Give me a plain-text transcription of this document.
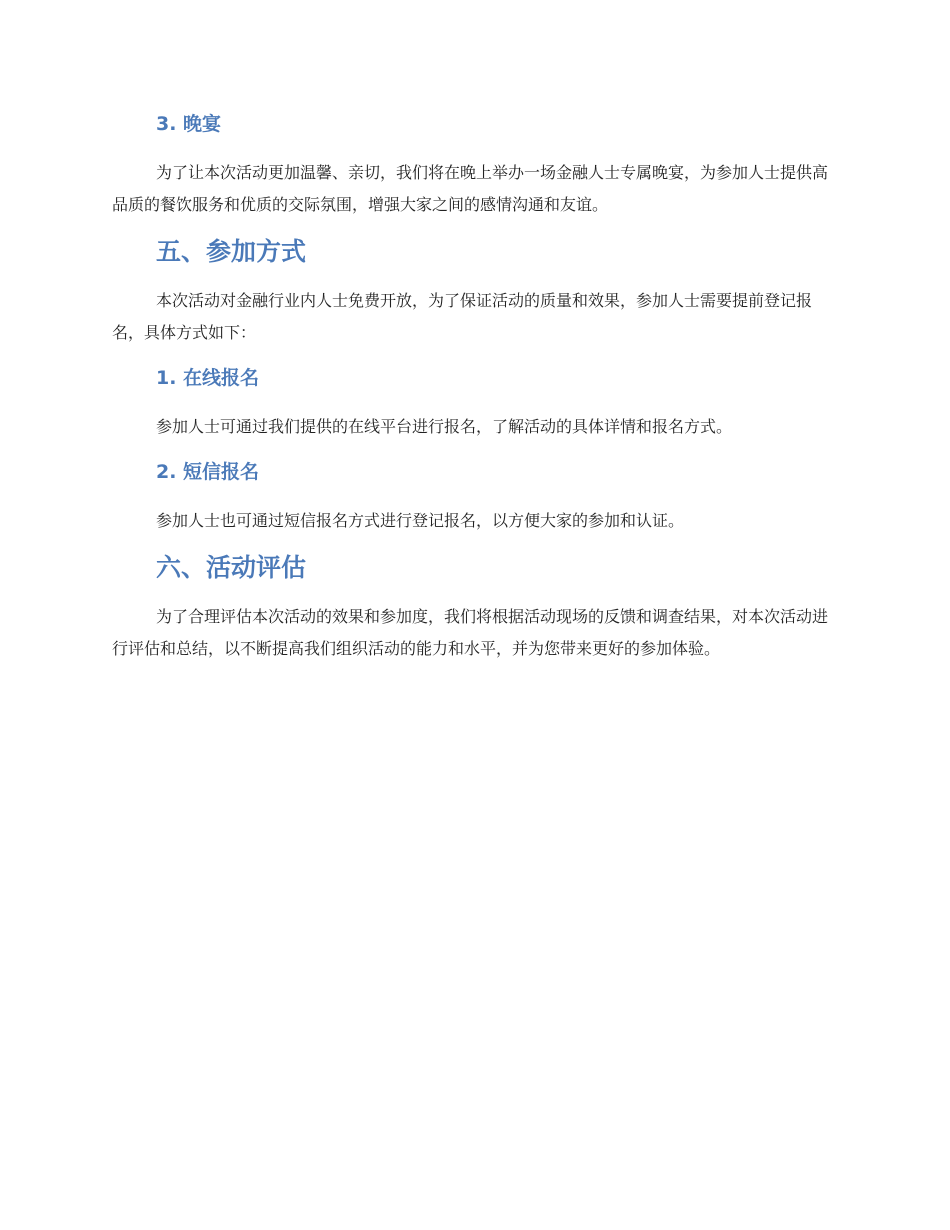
3. 晚宴

为了让本次活动更加温馨、亲切，我们将在晚上举办一场金融人士专属晚宴，为参加人士提供高品质的餐饮服务和优质的交际氛围，增强大家之间的感情沟通和友谊。

五、参加方式

本次活动对金融行业内人士免费开放，为了保证活动的质量和效果，参加人士需要提前登记报名，具体方式如下：

1. 在线报名

参加人士可通过我们提供的在线平台进行报名，了解活动的具体详情和报名方式。

2. 短信报名

参加人士也可通过短信报名方式进行登记报名，以方便大家的参加和认证。

六、活动评估

为了合理评估本次活动的效果和参加度，我们将根据活动现场的反馈和调查结果，对本次活动进行评估和总结，以不断提高我们组织活动的能力和水平，并为您带来更好的参加体验。
